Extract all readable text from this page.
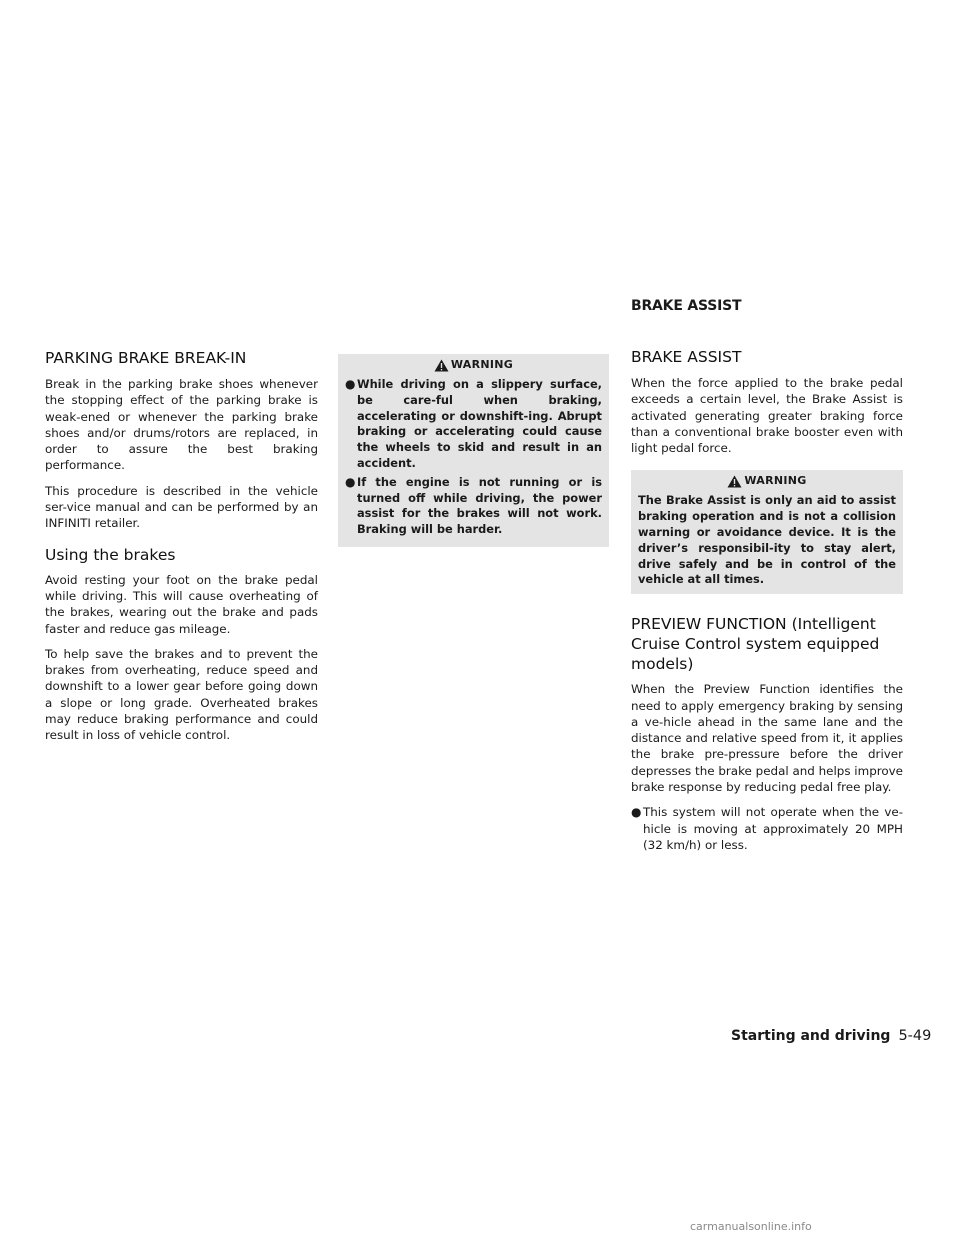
BRAKE ASSIST
PARKING BRAKE BREAK-IN

Break in the parking brake shoes whenever the stopping effect of the parking brake is weak-ened or whenever the parking brake shoes and/or drums/rotors are replaced, in order to assure the best braking performance.

This procedure is described in the vehicle ser-vice manual and can be performed by an INFINITI retailer.

Using the brakes

Avoid resting your foot on the brake pedal while driving. This will cause overheating of the brakes, wearing out the brake and pads faster and reduce gas mileage.

To help save the brakes and to prevent the brakes from overheating, reduce speed and downshift to a lower gear before going down a slope or long grade. Overheated brakes may reduce braking performance and could result in loss of vehicle control.

WARNING
● While driving on a slippery surface, be care-ful when braking, accelerating or downshift-ing. Abrupt braking or accelerating could cause the wheels to skid and result in an accident.
● If the engine is not running or is turned off while driving, the power assist for the brakes will not work. Braking will be harder.
BRAKE ASSIST

When the force applied to the brake pedal exceeds a certain level, the Brake Assist is activated generating greater braking force than a conventional brake booster even with light pedal force.

WARNING

The Brake Assist is only an aid to assist braking operation and is not a collision warning or avoidance device. It is the driver’s responsibil-ity to stay alert, drive safely and be in control of the vehicle at all times.

PREVIEW FUNCTION (Intelligent Cruise Control system equipped models)

When the Preview Function identifies the need to apply emergency braking by sensing a ve-hicle ahead in the same lane and the distance and relative speed from it, it applies the brake pre-pressure before the driver depresses the brake pedal and helps improve brake response by reducing pedal free play.

● This system will not operate when the ve-hicle is moving at approximately 20 MPH (32 km/h) or less.
Starting and driving 5-49
carmanualsonline.info
